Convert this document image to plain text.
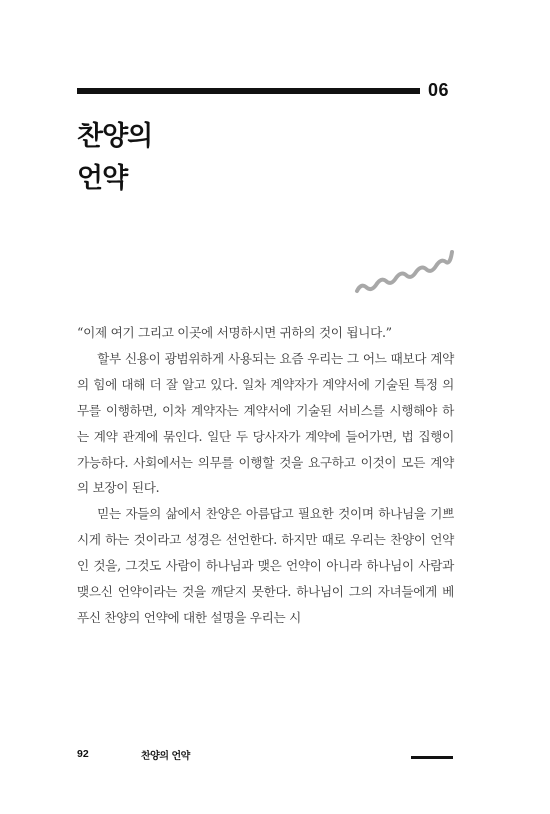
06
찬양의
언약

“이제 여기 그리고 이곳에 서명하시면 귀하의 것이 됩니다.”

할부 신용이 광범위하게 사용되는 요즘 우리는 그 어느 때보다 계약의 힘에 대해 더 잘 알고 있다. 일차 계약자가 계약서에 기술된 특정 의무를 이행하면, 이차 계약자는 계약서에 기술된 서비스를 시행해야 하는 계약 관계에 묶인다. 일단 두 당사자가 계약에 들어가면, 법 집행이 가능하다. 사회에서는 의무를 이행할 것을 요구하고 이것이 모든 계약의 보장이 된다.

믿는 자들의 삶에서 찬양은 아름답고 필요한 것이며 하나님을 기쁘시게 하는 것이라고 성경은 선언한다. 하지만 때로 우리는 찬양이 언약인 것을, 그것도 사람이 하나님과 맺은 언약이 아니라 하나님이 사람과 맺으신 언약이라는 것을 깨닫지 못한다. 하나님이 그의 자녀들에게 베푸신 찬양의 언약에 대한 설명을 우리는 시

92	찬양의 언약
